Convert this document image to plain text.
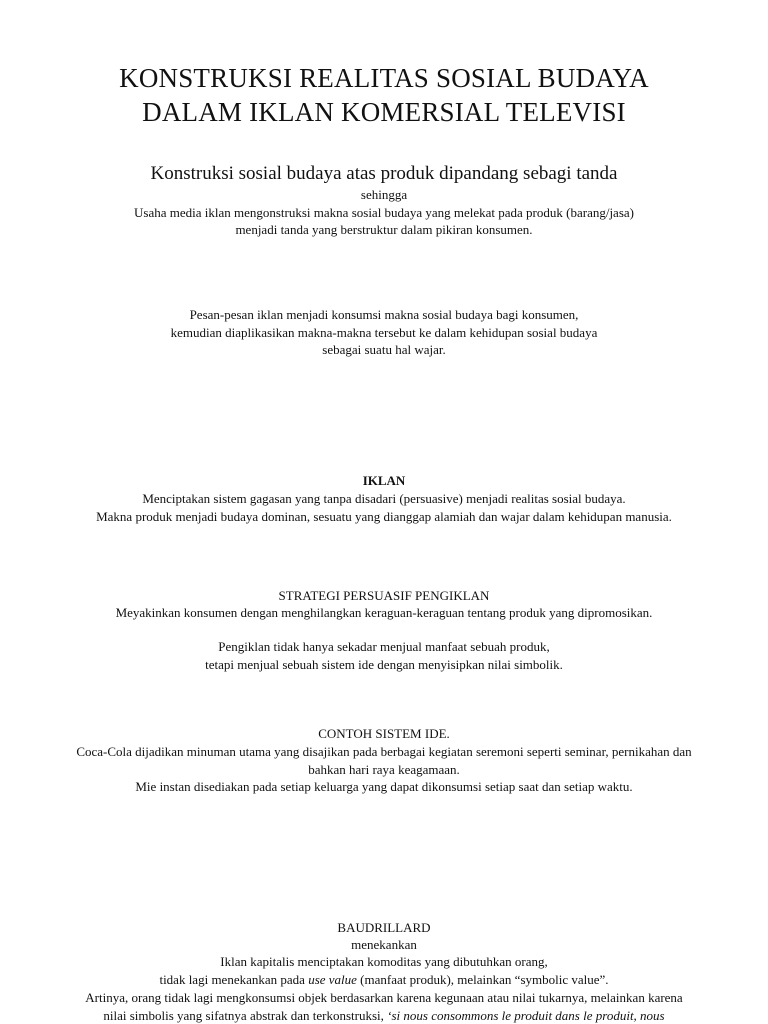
KONSTRUKSI REALITAS SOSIAL BUDAYA
DALAM IKLAN KOMERSIAL TELEVISI
Konstruksi sosial budaya atas produk dipandang sebagi tanda
sehingga
Usaha media iklan mengonstruksi makna sosial budaya yang melekat pada produk (barang/jasa)
menjadi tanda yang berstruktur dalam pikiran konsumen.
Pesan-pesan iklan menjadi konsumsi makna sosial budaya bagi konsumen,
kemudian diaplikasikan makna-makna tersebut ke dalam kehidupan sosial budaya
sebagai suatu hal wajar.
IKLAN
Menciptakan sistem gagasan yang tanpa disadari (persuasive) menjadi realitas sosial budaya.
Makna produk menjadi budaya dominan, sesuatu yang dianggap alamiah dan wajar dalam kehidupan manusia.
STRATEGI PERSUASIF PENGIKLAN
Meyakinkan konsumen dengan menghilangkan keraguan-keraguan tentang produk yang dipromosikan.
Pengiklan tidak hanya sekadar menjual manfaat sebuah produk,
tetapi menjual sebuah sistem ide dengan menyisipkan nilai simbolik.
CONTOH SISTEM IDE.
Coca-Cola dijadikan minuman utama yang disajikan pada berbagai kegiatan seremoni seperti seminar, pernikahan dan
bahkan hari raya keagamaan.
Mie instan disediakan pada setiap keluarga yang dapat dikonsumsi setiap saat dan setiap waktu.
BAUDRILLARD
menekankan
Iklan kapitalis menciptakan komoditas yang dibutuhkan orang,
tidak lagi menekankan pada use value (manfaat produk), melainkan “symbolic value”.
Artinya, orang tidak lagi mengkonsumsi objek berdasarkan karena kegunaan atau nilai tukarnya, melainkan karena
nilai simbolis yang sifatnya abstrak dan terkonstruksi, ‘si nous consommons le produit dans le produit, nous
